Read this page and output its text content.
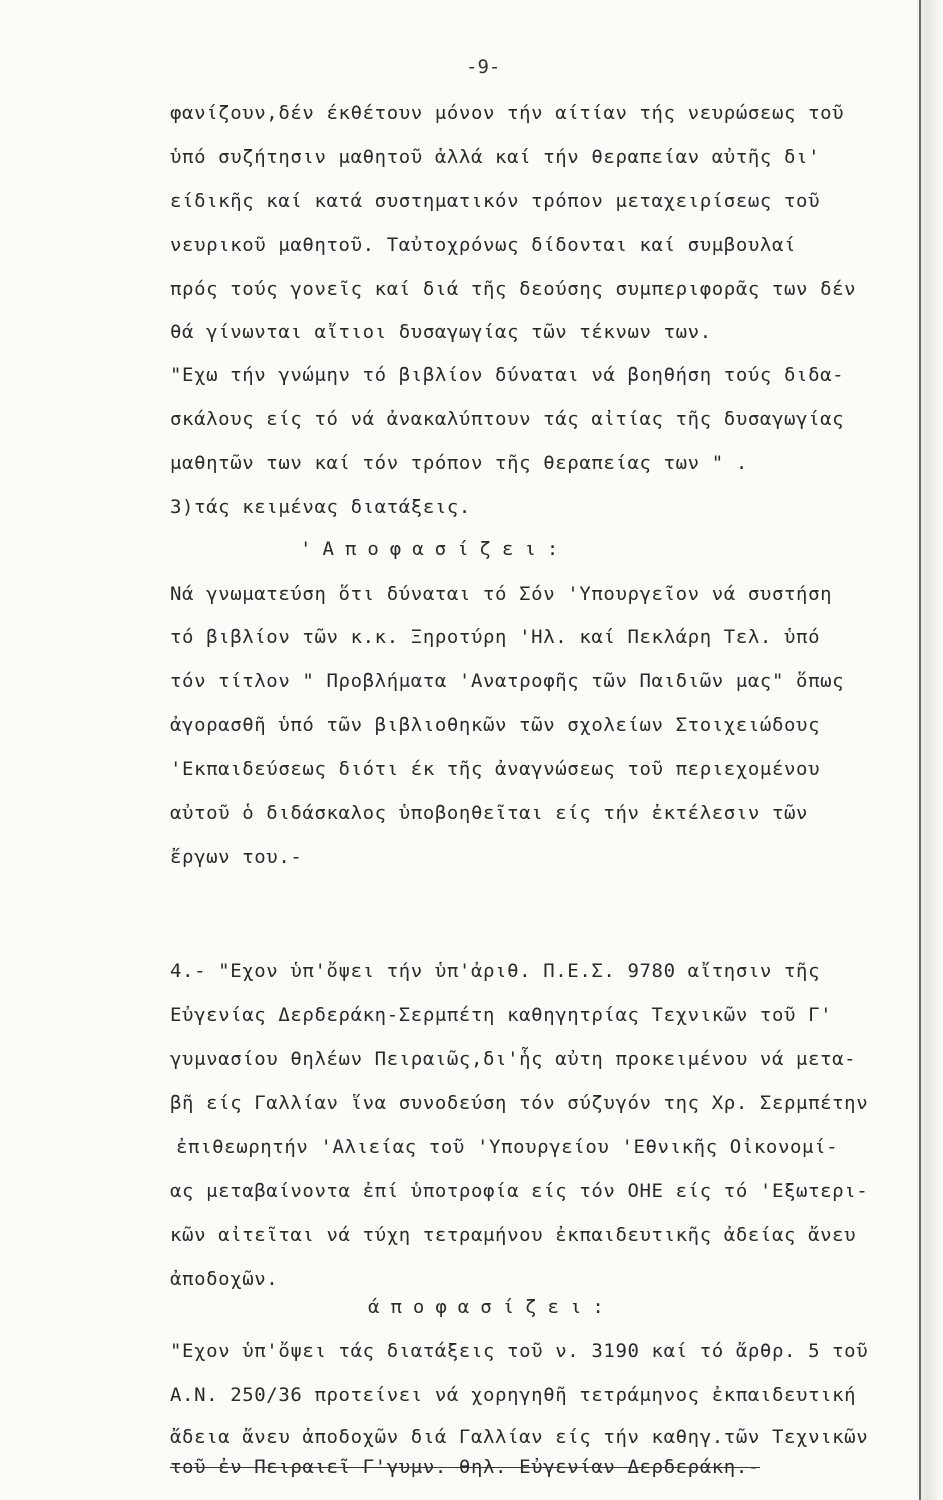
-9-
φανίζουν,δέν έκθέτουν μόνον τήν αίτίαν τής νευρώσεως τοῦ
ὑπό συζήτησιν μαθητοῦ ἀλλά καί τήν θεραπείαν αὐτῆς δι'
είδικῆς καί κατά συστηματικόν τρόπον μεταχειρίσεως τοῦ
νευρικοῦ μαθητοῦ. Ταὐτοχρόνως δίδονται καί συμβουλαί
πρός τούς γονεῖς καί διά τῆς δεούσης συμπεριφορᾶς των δέν
θά γίνωνται αἴτιοι δυσαγωγίας τῶν τέκνων των.
"Εχω τήν γνώμην τό βιβλίον δύναται νά βοηθήση τούς διδα-
σκάλους είς τό νά ἀνακαλύπτουν τάς αἰτίας τῆς δυσαγωγίας
μαθητῶν των καί τόν τρόπον τῆς θεραπείας των " .
3)τάς κειμένας διατάξεις.
'Αποφασίζει:
Νά γνωματεύση ὅτι δύναται τό Σόν 'Υπουργεῖον νά συστήση
τό βιβλίον τῶν κ.κ. Ξηροτύρη 'Ηλ. καί Πεκλάρη Τελ. ὑπό
τόν τίτλον " Προβλήματα 'Ανατροφῆς τῶν Παιδιῶν μας" ὅπως
ἀγορασθῆ ὑπό τῶν βιβλιοθηκῶν τῶν σχολείων Στοιχειώδους
'Εκπαιδεύσεως διότι έκ τῆς ἀναγνώσεως τοῦ περιεχομένου
αὐτοῦ ὁ διδάσκαλος ὑποβοηθεῖται είς τήν ἐκτέλεσιν τῶν
ἔργων του.-
4.- "Εχον ὑπ'ὄψει τήν ὑπ'ἀριθ. Π.Ε.Σ. 9780 αἴτησιν τῆς
Εὐγενίας Δερδεράκη-Σερμπέτη καθηγητρίας Τεχνικῶν τοῦ Γ'
γυμνασίου θηλέων Πειραιῶς,δι'ἧς αὐτη προκειμένου νά μετα-
βῆ είς Γαλλίαν ἵνα συνοδεύση τόν σύζυγόν της Χρ. Σερμπέτην
ἐπιθεωρητήν 'Αλιείας τοῦ 'Υπουργείου 'Εθνικῆς Οἰκονομί-
ας μεταβαίνοντα ἐπί ὑποτροφία είς τόν ΟΗΕ είς τό 'Εξωτερι-
κῶν αἰτεῖται νά τύχη τετραμήνου ἐκπαιδευτικῆς ἀδείας ἄνευ
ἀποδοχῶν.
άποφασίζει:
"Εχον ὑπ'ὄψει τάς διατάξεις τοῦ ν. 3190 καί τό ἄρθρ. 5 τοῦ
Α.Ν. 250/36 προτείνει νά χορηγηθῆ τετράμηνος ἐκπαιδευτική
ἄδεια ἄνευ ἀποδοχῶν διά Γαλλίαν είς τήν καθηγ.τῶν Τεχνικῶν
τοῦ ἐν Πειραιεῖ Γ'γυμν. θηλ. Εὐγενίαν Δερδεράκη.-
